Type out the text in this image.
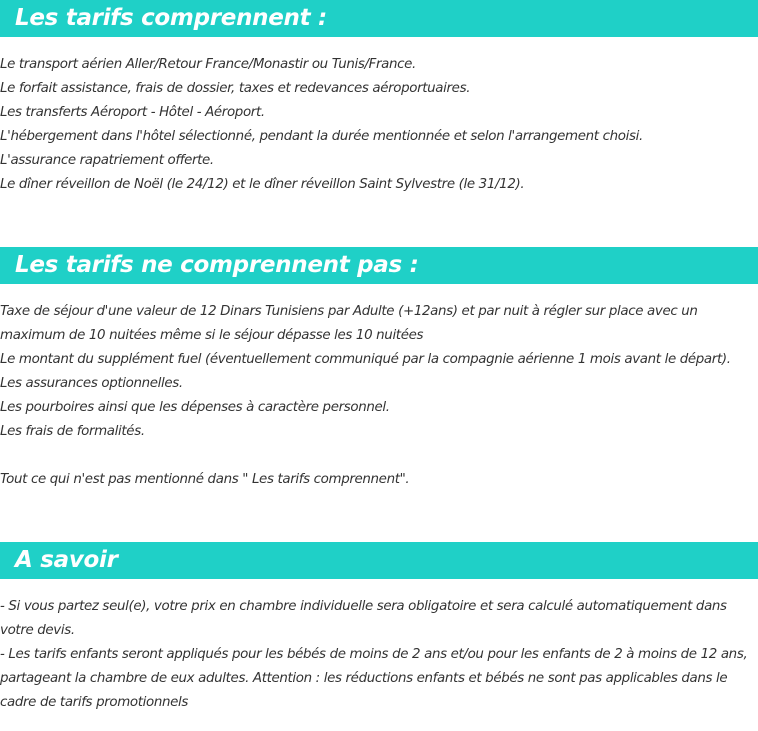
Les tarifs comprennent :
Le transport aérien Aller/Retour France/Monastir ou Tunis/France.
Le forfait assistance, frais de dossier, taxes et redevances aéroportuaires.
Les transferts Aéroport - Hôtel - Aéroport.
L'hébergement dans l'hôtel sélectionné, pendant la durée mentionnée et selon l'arrangement choisi.
L'assurance rapatriement offerte.
Le dîner réveillon de Noël (le 24/12) et le dîner réveillon Saint Sylvestre (le 31/12).
Les tarifs ne comprennent pas :
Taxe de séjour d'une valeur de 12 Dinars Tunisiens par Adulte (+12ans) et par nuit à régler sur place avec un maximum de 10 nuitées même si le séjour dépasse les 10 nuitées
Le montant du supplément fuel (éventuellement communiqué par la compagnie aérienne 1 mois avant le départ).
Les assurances optionnelles.
Les pourboires ainsi que les dépenses à caractère personnel.
Les frais de formalités.
Tout ce qui n'est pas mentionné dans " Les tarifs comprennent".
A savoir
- Si vous partez seul(e), votre prix en chambre individuelle sera obligatoire et sera calculé automatiquement dans votre devis.
- Les tarifs enfants seront appliqués pour les bébés de moins de 2 ans et/ou pour les enfants de 2 à moins de 12 ans, partageant la chambre de eux adultes. Attention : les réductions enfants et bébés ne sont pas applicables dans le cadre de tarifs promotionnels
